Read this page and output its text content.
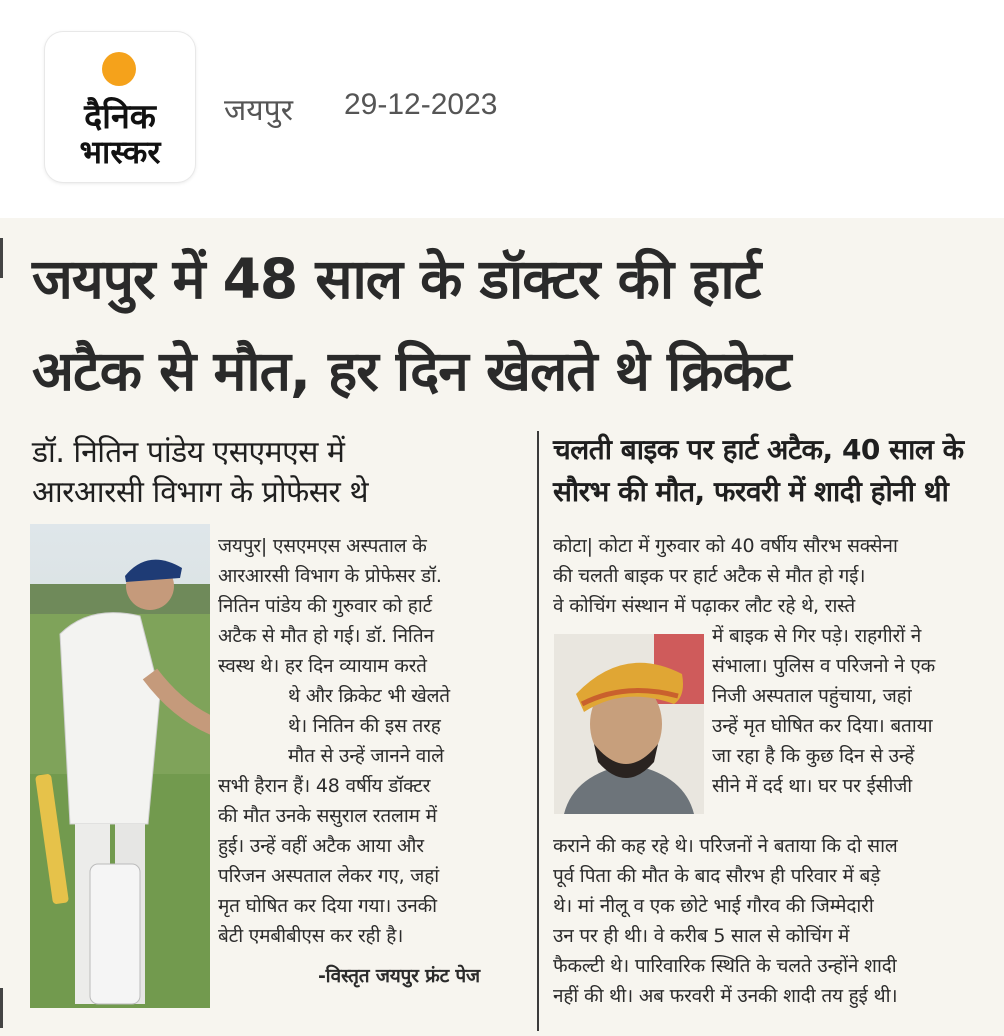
दैनिक
भास्कर
जयपुर 29-12-2023
जयपुर में 48 साल के डॉक्टर की हार्ट
अटैक से मौत, हर दिन खेलते थे क्रिकेट
डॉ. नितिन पांडेय एसएमएस में
आरआरसी विभाग के प्रोफेसर थे
चलती बाइक पर हार्ट अटैक, 40 साल के
सौरभ की मौत, फरवरी में शादी होनी थी
जयपुर| एसएमएस अस्पताल के
आरआरसी विभाग के प्रोफेसर डॉ.
नितिन पांडेय की गुरुवार को हार्ट
अटैक से मौत हो गई। डॉ. नितिन
स्वस्थ थे। हर दिन व्यायाम करते
थे और क्रिकेट भी खेलते
थे। नितिन की इस तरह
मौत से उन्हें जानने वाले
सभी हैरान हैं। 48 वर्षीय डॉक्टर
की मौत उनके ससुराल रतलाम में
हुई। उन्हें वहीं अटैक आया और
परिजन अस्पताल लेकर गए, जहां
मृत घोषित कर दिया गया। उनकी
बेटी एमबीबीएस कर रही है।
-विस्तृत जयपुर फ्रंट पेज
कोटा| कोटा में गुरुवार को 40 वर्षीय सौरभ सक्सेना
की चलती बाइक पर हार्ट अटैक से मौत हो गई।
वे कोचिंग संस्थान में पढ़ाकर लौट रहे थे, रास्ते
में बाइक से गिर पड़े। राहगीरों ने
संभाला। पुलिस व परिजनो ने एक
निजी अस्पताल पहुंचाया, जहां
उन्हें मृत घोषित कर दिया। बताया
जा रहा है कि कुछ दिन से उन्हें
सीने में दर्द था। घर पर ईसीजी
कराने की कह रहे थे। परिजनों ने बताया कि दो साल
पूर्व पिता की मौत के बाद सौरभ ही परिवार में बड़े
थे। मां नीलू व एक छोटे भाई गौरव की जिम्मेदारी
उन पर ही थी। वे करीब 5 साल से कोचिंग में
फैकल्टी थे। पारिवारिक स्थिति के चलते उन्होंने शादी
नहीं की थी। अब फरवरी में उनकी शादी तय हुई थी।
